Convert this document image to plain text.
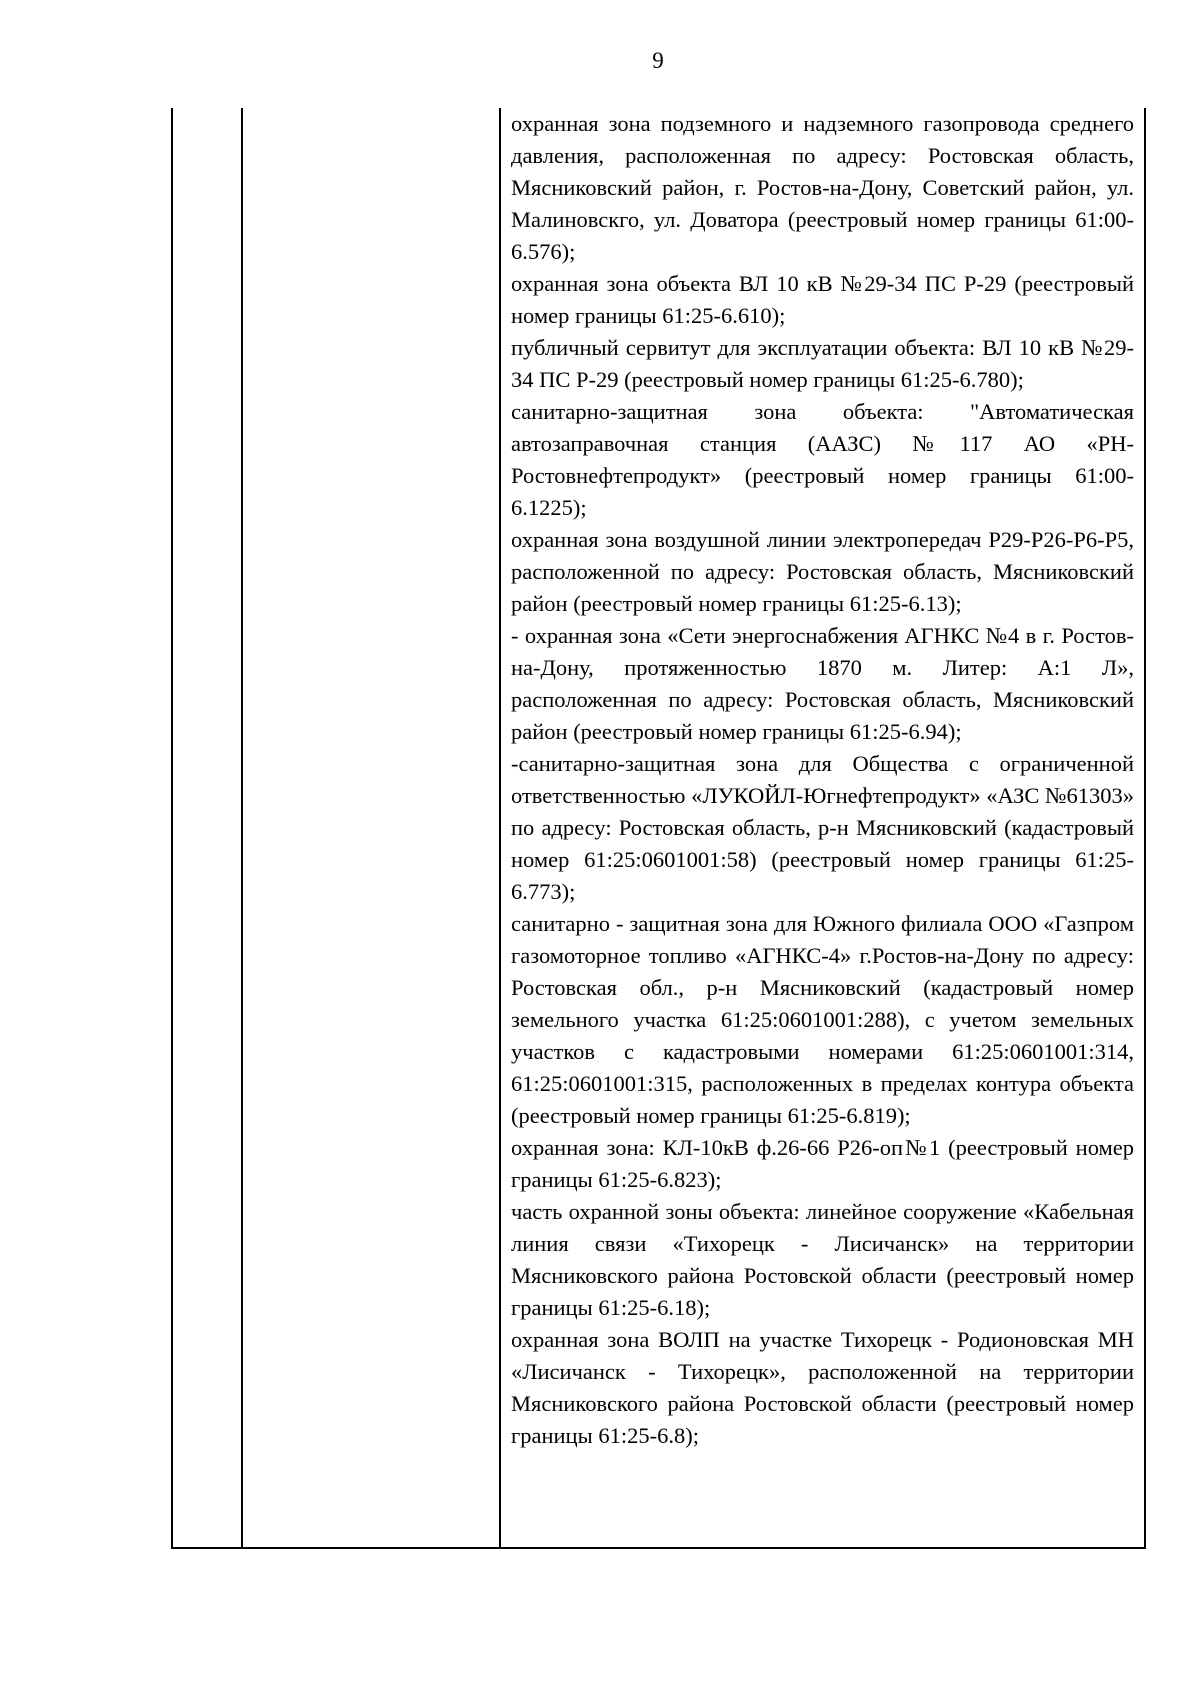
9

охранная зона подземного и надземного газопровода среднего давления, расположенная по адресу: Ростовская область, Мясниковский район, г. Ростов-на-Дону, Советский район, ул. Малиновскго, ул. Доватора (реестровый номер границы 61:00-6.576);

охранная зона объекта ВЛ 10 кВ №29-34 ПС Р-29 (реестровый номер границы 61:25-6.610);

публичный сервитут для эксплуатации объекта: ВЛ 10 кВ №29-34 ПС Р-29 (реестровый номер границы 61:25-6.780);

санитарно-защитная зона объекта: "Автоматическая автозаправочная станция (ААЗС) №117 АО «РН-Ростовнефтепродукт» (реестровый номер границы 61:00-6.1225);

охранная зона воздушной линии электропередач Р29-Р26-Р6-Р5, расположенной по адресу: Ростовская область, Мясниковский район (реестровый номер границы 61:25-6.13);

- охранная зона «Сети энергоснабжения АГНКС №4 в г. Ростов-на-Дону, протяженностью 1870 м. Литер: А:1 Л», расположенная по адресу: Ростовская область, Мясниковский район (реестровый номер границы 61:25-6.94);

-санитарно-защитная зона для Общества с ограниченной ответственностью «ЛУКОЙЛ-Югнефтепродукт» «АЗС №61303» по адресу: Ростовская область, р-н Мясниковский (кадастровый номер 61:25:0601001:58) (реестровый номер границы 61:25-6.773);

санитарно - защитная зона для Южного филиала ООО «Газпром газомоторное топливо «АГНКС-4» г.Ростов-на-Дону по адресу: Ростовская обл., р-н Мясниковский (кадастровый номер земельного участка 61:25:0601001:288), с учетом земельных участков с кадастровыми номерами 61:25:0601001:314, 61:25:0601001:315, расположенных в пределах контура объекта (реестровый номер границы 61:25-6.819);

охранная зона: КЛ-10кВ ф.26-66 Р26-оп№1 (реестровый номер границы 61:25-6.823);

часть охранной зоны объекта: линейное сооружение «Кабельная линия связи «Тихорецк - Лисичанск» на территории Мясниковского района Ростовской области (реестровый номер границы 61:25-6.18);

охранная зона ВОЛП на участке Тихорецк - Родионовская МН «Лисичанск - Тихорецк», расположенной на территории Мясниковского района Ростовской области (реестровый номер границы 61:25-6.8);
